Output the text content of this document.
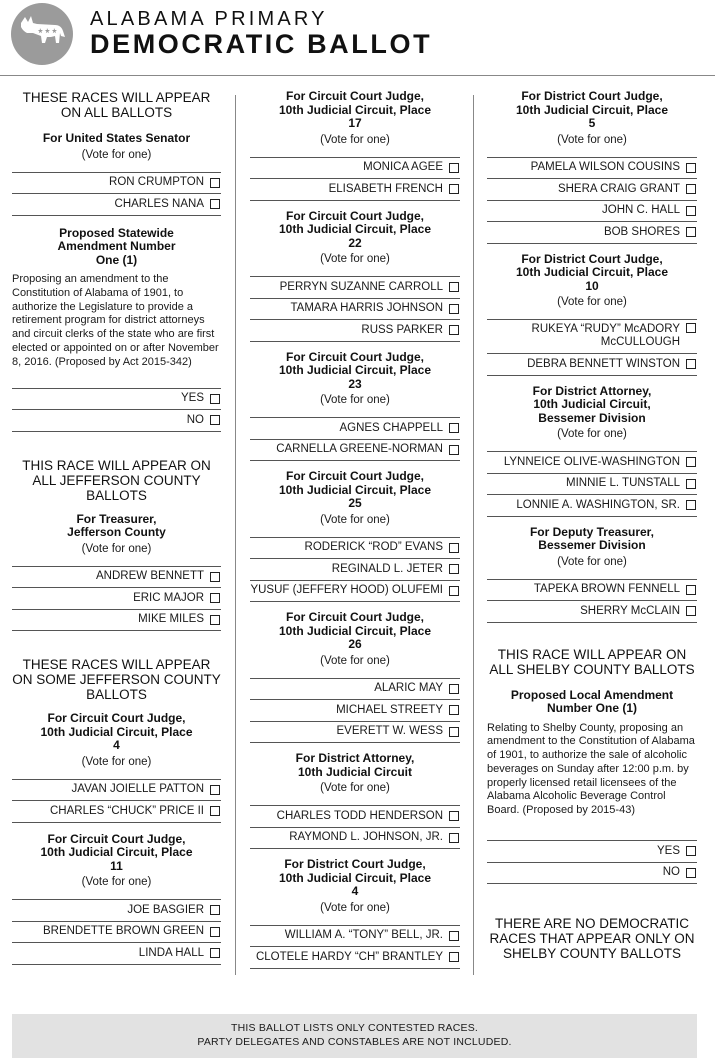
ALABAMA PRIMARY
DEMOCRATIC BALLOT
THESE RACES WILL APPEAR ON ALL BALLOTS
For United States Senator
(Vote for one)
RON CRUMPTON
CHARLES NANA
Proposed Statewide Amendment Number One (1)
Proposing an amendment to the Constitution of Alabama of 1901, to authorize the Legislature to provide a retirement program for district attorneys and circuit clerks of the state who are first elected or appointed on or after November 8, 2016. (Proposed by Act 2015-342)
YES
NO
THIS RACE WILL APPEAR ON ALL JEFFERSON COUNTY BALLOTS
For Treasurer, Jefferson County
(Vote for one)
ANDREW BENNETT
ERIC MAJOR
MIKE MILES
THESE RACES WILL APPEAR ON SOME JEFFERSON COUNTY BALLOTS
For Circuit Court Judge, 10th Judicial Circuit, Place 4
(Vote for one)
JAVAN JOIELLE PATTON
CHARLES “CHUCK” PRICE II
For Circuit Court Judge, 10th Judicial Circuit, Place 11
(Vote for one)
JOE BASGIER
BRENDETTE BROWN GREEN
LINDA HALL
For Circuit Court Judge, 10th Judicial Circuit, Place 17
(Vote for one)
MONICA AGEE
ELISABETH FRENCH
For Circuit Court Judge, 10th Judicial Circuit, Place 22
(Vote for one)
PERRYN SUZANNE CARROLL
TAMARA HARRIS JOHNSON
RUSS PARKER
For Circuit Court Judge, 10th Judicial Circuit, Place 23
(Vote for one)
AGNES CHAPPELL
CARNELLA GREENE-NORMAN
For Circuit Court Judge, 10th Judicial Circuit, Place 25
(Vote for one)
RODERICK “ROD” EVANS
REGINALD L. JETER
YUSUF (JEFFERY HOOD) OLUFEMI
For Circuit Court Judge, 10th Judicial Circuit, Place 26
(Vote for one)
ALARIC MAY
MICHAEL STREETY
EVERETT W. WESS
For District Attorney, 10th Judicial Circuit
(Vote for one)
CHARLES TODD HENDERSON
RAYMOND L. JOHNSON, JR.
For District Court Judge, 10th Judicial Circuit, Place 4
(Vote for one)
WILLIAM A. “TONY” BELL, JR.
CLOTELE HARDY “CH” BRANTLEY
For District Court Judge, 10th Judicial Circuit, Place 5
(Vote for one)
PAMELA WILSON COUSINS
SHERA CRAIG GRANT
JOHN C. HALL
BOB SHORES
For District Court Judge, 10th Judicial Circuit, Place 10
(Vote for one)
RUKEYA “RUDY” McADORY McCULLOUGH
DEBRA BENNETT WINSTON
For District Attorney, 10th Judicial Circuit, Bessemer Division
(Vote for one)
LYNNEICE OLIVE-WASHINGTON
MINNIE L. TUNSTALL
LONNIE A. WASHINGTON, SR.
For Deputy Treasurer, Bessemer Division
(Vote for one)
TAPEKA BROWN FENNELL
SHERRY McCLAIN
THIS RACE WILL APPEAR ON ALL SHELBY COUNTY BALLOTS
Proposed Local Amendment Number One (1)
Relating to Shelby County, proposing an amendment to the Constitution of Alabama of 1901, to authorize the sale of alcoholic beverages on Sunday after 12:00 p.m. by properly licensed retail licensees of the Alabama Alcoholic Beverage Control Board. (Proposed by 2015-43)
YES
NO
THERE ARE NO DEMOCRATIC RACES THAT APPEAR ONLY ON SHELBY COUNTY BALLOTS
THIS BALLOT LISTS ONLY CONTESTED RACES.
PARTY DELEGATES AND CONSTABLES ARE NOT INCLUDED.
